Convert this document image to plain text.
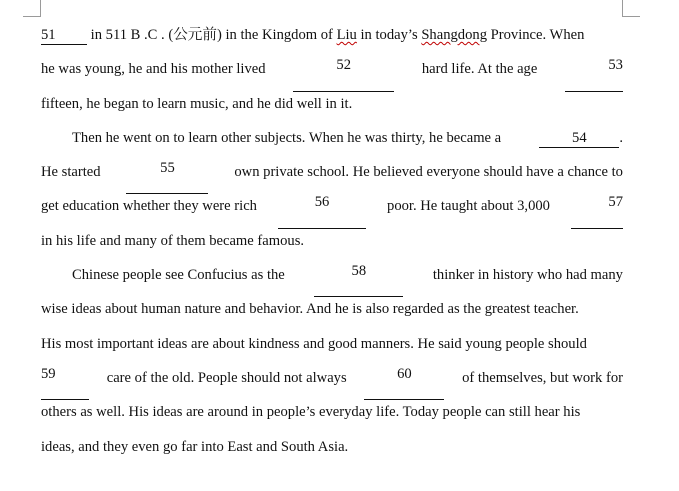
51 in 511 B .C . (公元前) in the Kingdom of Liu in today’s Shangdong Province. When
he was young, he and his mother lived	52	hard life. At the age	53
fifteen, he began to learn music, and he did well in it.
Then he went on to learn other subjects. When he was thirty, he became a	54 .
He started	55	own private school. He believed everyone should have a chance to
get education whether they were rich	56	poor. He taught about 3,000	57
in his life and many of them became famous.
Chinese people see Confucius as the	58	thinker in history who had many
wise ideas about human nature and behavior. And he is also regarded as the greatest teacher.
His most important ideas are about kindness and good manners. He said young people should
59	care of the old. People should not always	60	of themselves, but work for
others as well. His ideas are around in people’s everyday life. Today people can still hear his
ideas, and they even go far into East and South Asia.
